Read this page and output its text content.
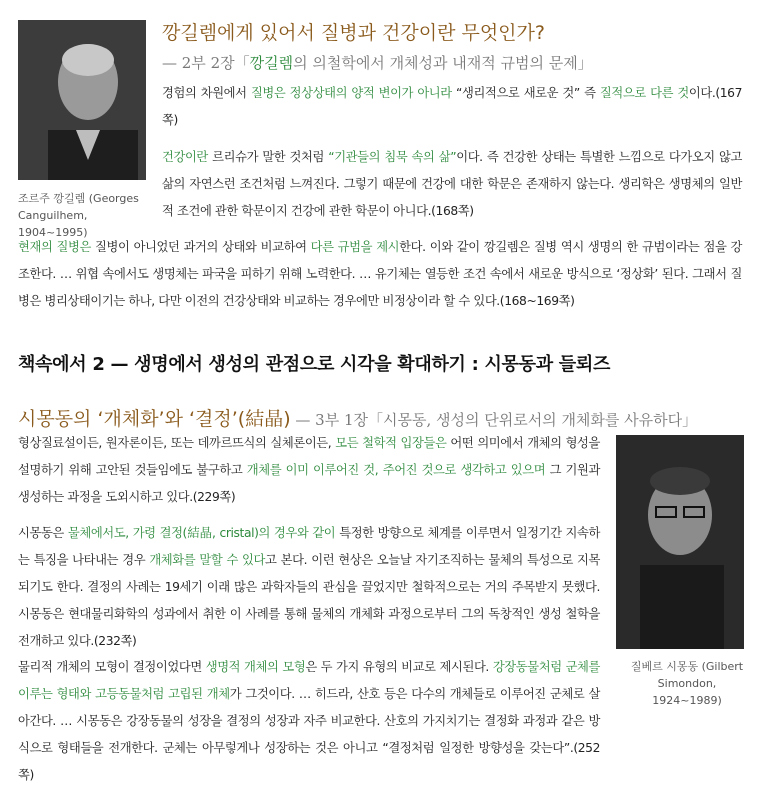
조르주 깡길렘 (Georges
Canguilhem, 1904~1995)
깡길렘에게 있어서 질병과 건강이란 무엇인가?
— 2부 2장「깡길렘의 의철학에서 개체성과 내재적 규범의 문제」

경험의 차원에서 질병은 정상상태의 양적 변이가 아니라 “생리적으로 새로운 것” 즉 질적으로 다른 것이다.(167쪽)

건강이란 르리슈가 말한 것처럼 “기관들의 침묵 속의 삶”이다. 즉 건강한 상태는 특별한 느낌으로 다가오지 않고 삶의 자연스런 조건처럼 느껴진다. 그렇기 때문에 건강에 대한 학문은 존재하지 않는다. 생리학은 생명체의 일반적 조건에 관한 학문이지 건강에 관한 학문이 아니다.(168쪽)

현재의 질병은 질병이 아니었던 과거의 상태와 비교하여 다른 규범을 제시한다. 이와 같이 깡길렘은 질병 역시 생명의 한 규범이라는 점을 강조한다. … 위협 속에서도 생명체는 파국을 피하기 위해 노력한다. … 유기체는 열등한 조건 속에서 새로운 방식으로 ‘정상화’ 된다. 그래서 질병은 병리상태이기는 하나, 다만 이전의 건강상태와 비교하는 경우에만 비정상이라 할 수 있다.(168~169쪽)

책속에서 2 — 생명에서 생성의 관점으로 시각을 확대하기 : 시몽동과 들뢰즈
시몽동의 ‘개체화’와 ‘결정’(結晶) — 3부 1장「시몽동, 생성의 단위로서의 개체화를 사유하다」

형상질료설이든, 원자론이든, 또는 데까르뜨식의 실체론이든, 모든 철학적 입장들은 어떤 의미에서 개체의 형성을 설명하기 위해 고안된 것들임에도 불구하고 개체를 이미 이루어진 것, 주어진 것으로 생각하고 있으며 그 기원과 생성하는 과정을 도외시하고 있다.(229쪽)

질베르 시몽동 (Gilbert
Simondon, 1924~1989)

시몽동은 물체에서도, 가령 결정(結晶, cristal)의 경우와 같이 특정한 방향으로 체계를 이루면서 일정기간 지속하는 특징을 나타내는 경우 개체화를 말할 수 있다고 본다. 이런 현상은 오늘날 자기조직하는 물체의 특성으로 지목되기도 한다. 결정의 사례는 19세기 이래 많은 과학자들의 관심을 끌었지만 철학적으로는 거의 주목받지 못했다. 시몽동은 현대물리화학의 성과에서 취한 이 사례를 통해 물체의 개체화 과정으로부터 그의 독창적인 생성 철학을 전개하고 있다.(232쪽)

물리적 개체의 모형이 결정이었다면 생명적 개체의 모형은 두 가지 유형의 비교로 제시된다. 강장동물처럼 군체를 이루는 형태와 고등동물처럼 고립된 개체가 그것이다. … 히드라, 산호 등은 다수의 개체들로 이루어진 군체로 살아간다. … 시몽동은 강장동물의 성장을 결정의 성장과 자주 비교한다. 산호의 가지치기는 결정화 과정과 같은 방식으로 형태들을 전개한다. 군체는 아무렇게나 성장하는 것은 아니고 “결정처럼 일정한 방향성을 갖는다”.(252쪽)
